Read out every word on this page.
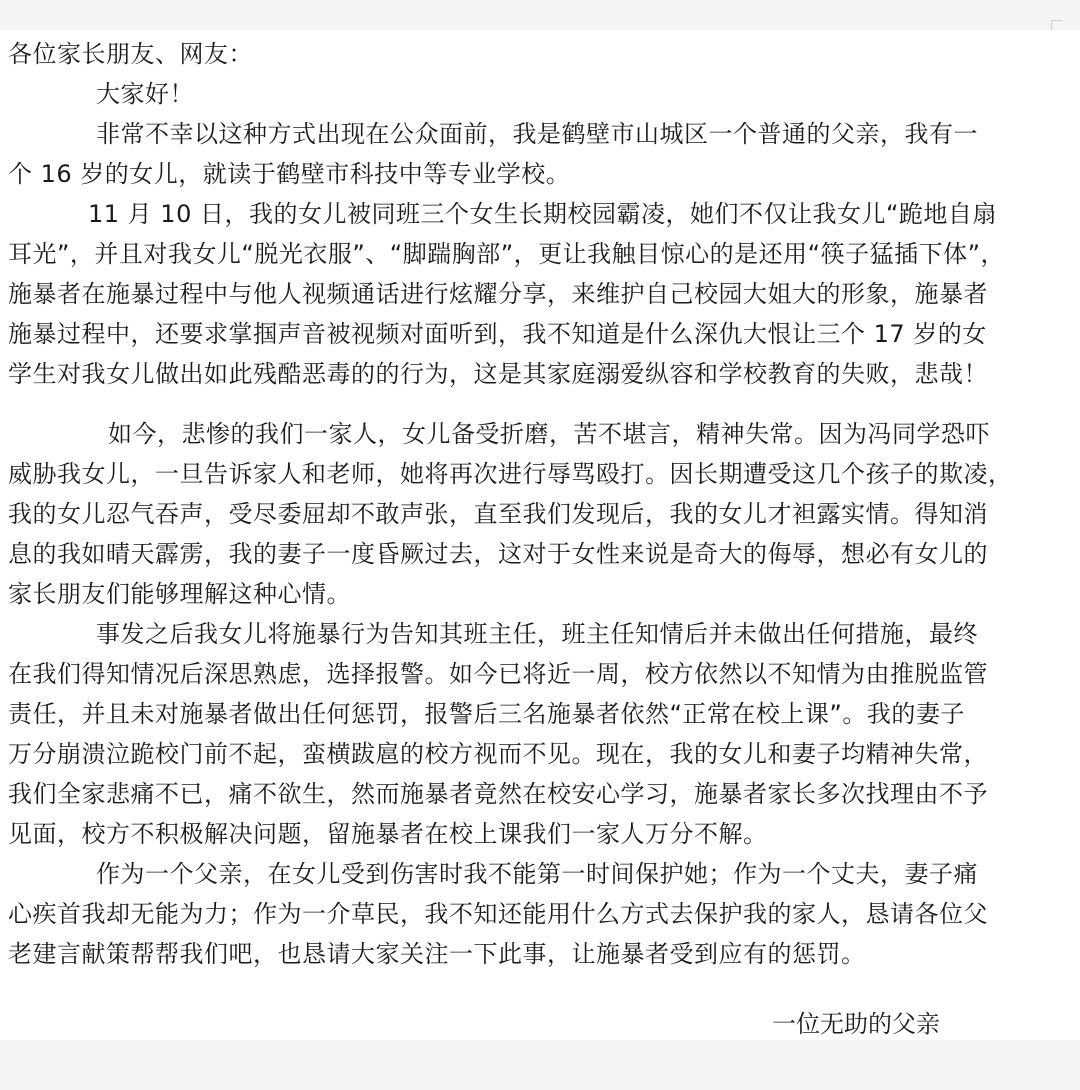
各位家长朋友、网友：
大家好！
非常不幸以这种方式出现在公众面前，我是鹤壁市山城区一个普通的父亲，我有一
个 16 岁的女儿，就读于鹤壁市科技中等专业学校。
11 月 10 日，我的女儿被同班三个女生长期校园霸凌，她们不仅让我女儿“跪地自扇
耳光”，并且对我女儿“脱光衣服”、“脚踹胸部”，更让我触目惊心的是还用“筷子猛插下体”，
施暴者在施暴过程中与他人视频通话进行炫耀分享，来维护自己校园大姐大的形象，施暴者
施暴过程中，还要求掌掴声音被视频对面听到，我不知道是什么深仇大恨让三个 17 岁的女
学生对我女儿做出如此残酷恶毒的的行为，这是其家庭溺爱纵容和学校教育的失败，悲哉！
如今，悲惨的我们一家人，女儿备受折磨，苦不堪言，精神失常。因为冯同学恐吓
威胁我女儿，一旦告诉家人和老师，她将再次进行辱骂殴打。因长期遭受这几个孩子的欺凌，
我的女儿忍气吞声，受尽委屈却不敢声张，直至我们发现后，我的女儿才袒露实情。得知消
息的我如晴天霹雳，我的妻子一度昏厥过去，这对于女性来说是奇大的侮辱，想必有女儿的
家长朋友们能够理解这种心情。
事发之后我女儿将施暴行为告知其班主任，班主任知情后并未做出任何措施，最终
在我们得知情况后深思熟虑，选择报警。如今已将近一周，校方依然以不知情为由推脱监管
责任，并且未对施暴者做出任何惩罚，报警后三名施暴者依然“正常在校上课”。我的妻子
万分崩溃泣跪校门前不起，蛮横跋扈的校方视而不见。现在，我的女儿和妻子均精神失常，
我们全家悲痛不已，痛不欲生，然而施暴者竟然在校安心学习，施暴者家长多次找理由不予
见面，校方不积极解决问题，留施暴者在校上课我们一家人万分不解。
作为一个父亲，在女儿受到伤害时我不能第一时间保护她；作为一个丈夫，妻子痛
心疾首我却无能为力；作为一介草民，我不知还能用什么方式去保护我的家人，恳请各位父
老建言献策帮帮我们吧，也恳请大家关注一下此事，让施暴者受到应有的惩罚。
一位无助的父亲
